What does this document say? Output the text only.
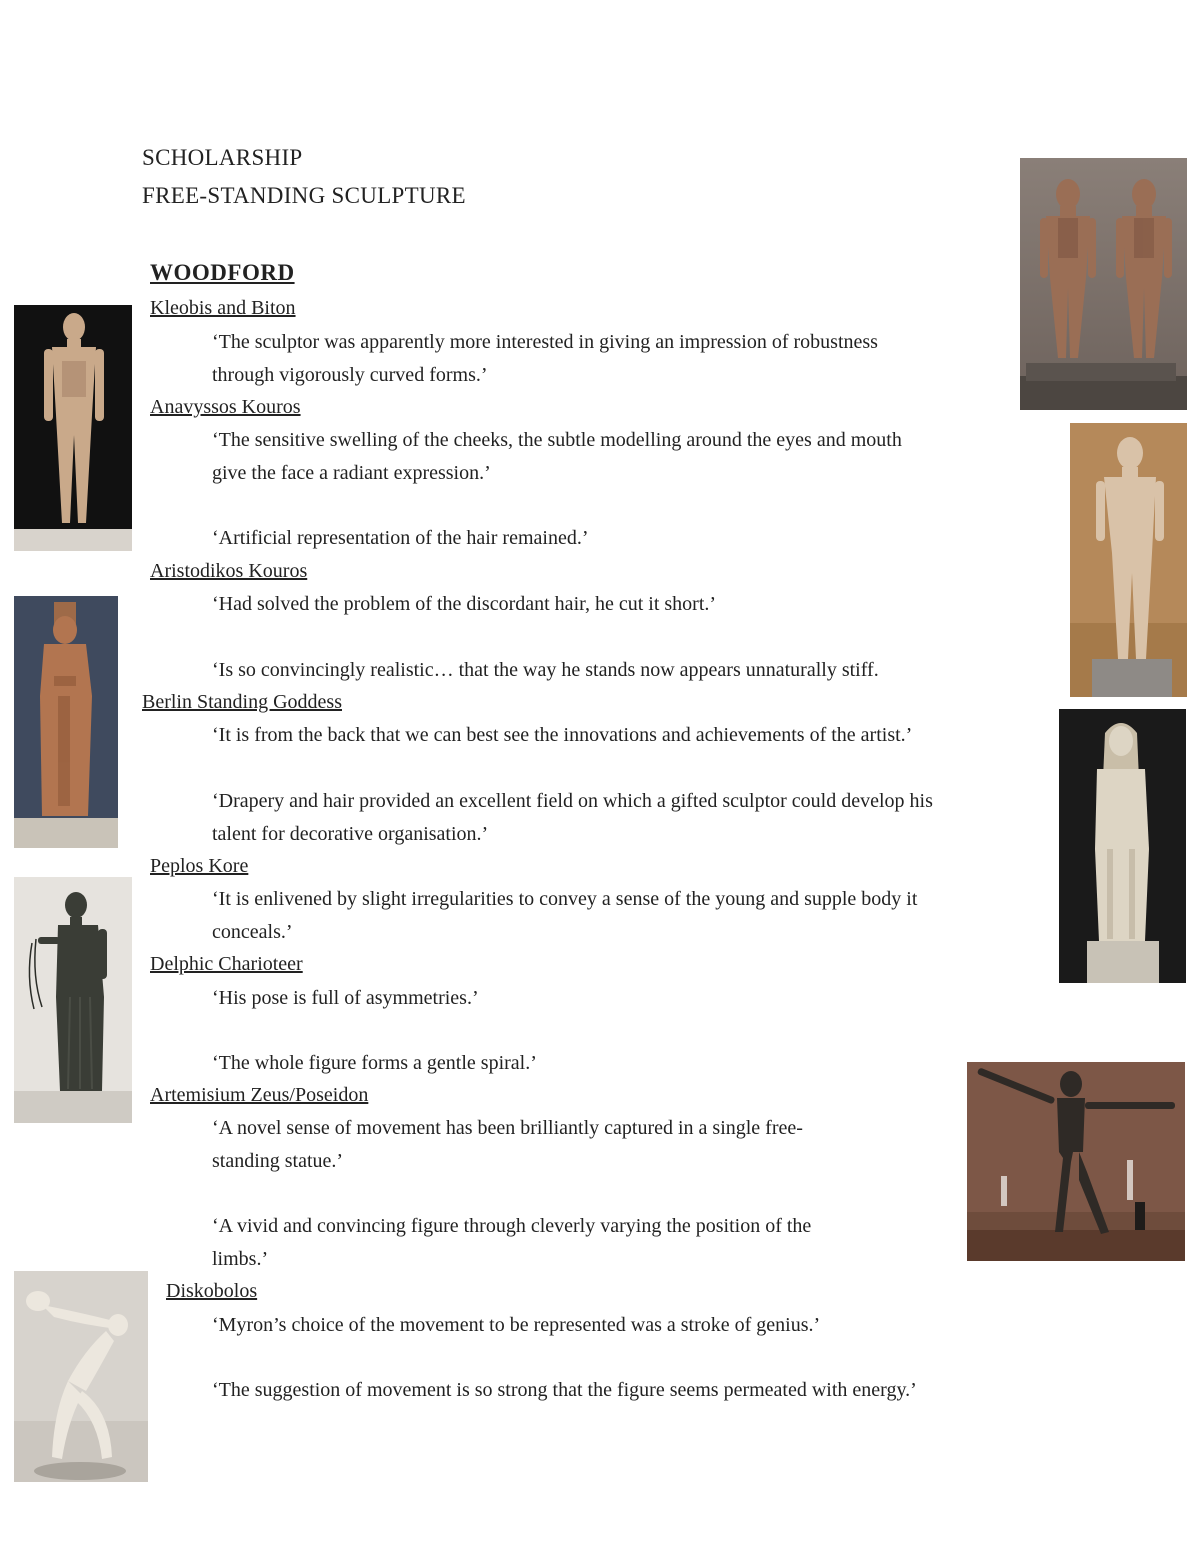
SCHOLARSHIP

FREE-STANDING SCULPTURE

WOODFORD

Kleobis and Biton

‘The sculptor was apparently more interested in giving an impression of robustness

through vigorously curved forms.’

Anavyssos Kouros

‘The sensitive swelling of the cheeks, the subtle modelling around the eyes and mouth

give the face a radiant expression.’

‘Artificial representation of the hair remained.’

Aristodikos Kouros

‘Had solved the problem of the discordant hair, he cut it short.’

‘Is so convincingly realistic… that the way he stands now appears unnaturally stiff.

Berlin Standing Goddess

‘It is from the back that we can best see the innovations and achievements of the artist.’

‘Drapery and hair provided an excellent field on which a gifted sculptor could develop his

talent for decorative organisation.’

Peplos Kore

‘It is enlivened by slight irregularities to convey a sense of the young and supple body it

conceals.’

Delphic Charioteer

‘His pose is full of asymmetries.’

‘The whole figure forms a gentle spiral.’

Artemisium Zeus/Poseidon

‘A novel sense of movement has been brilliantly captured in a single free-

standing statue.’

‘A vivid and convincing figure through cleverly varying the position of the

limbs.’

Diskobolos

‘Myron’s choice of the movement to be represented was a stroke of genius.’

‘The suggestion of movement is so strong that the figure seems permeated with energy.’
